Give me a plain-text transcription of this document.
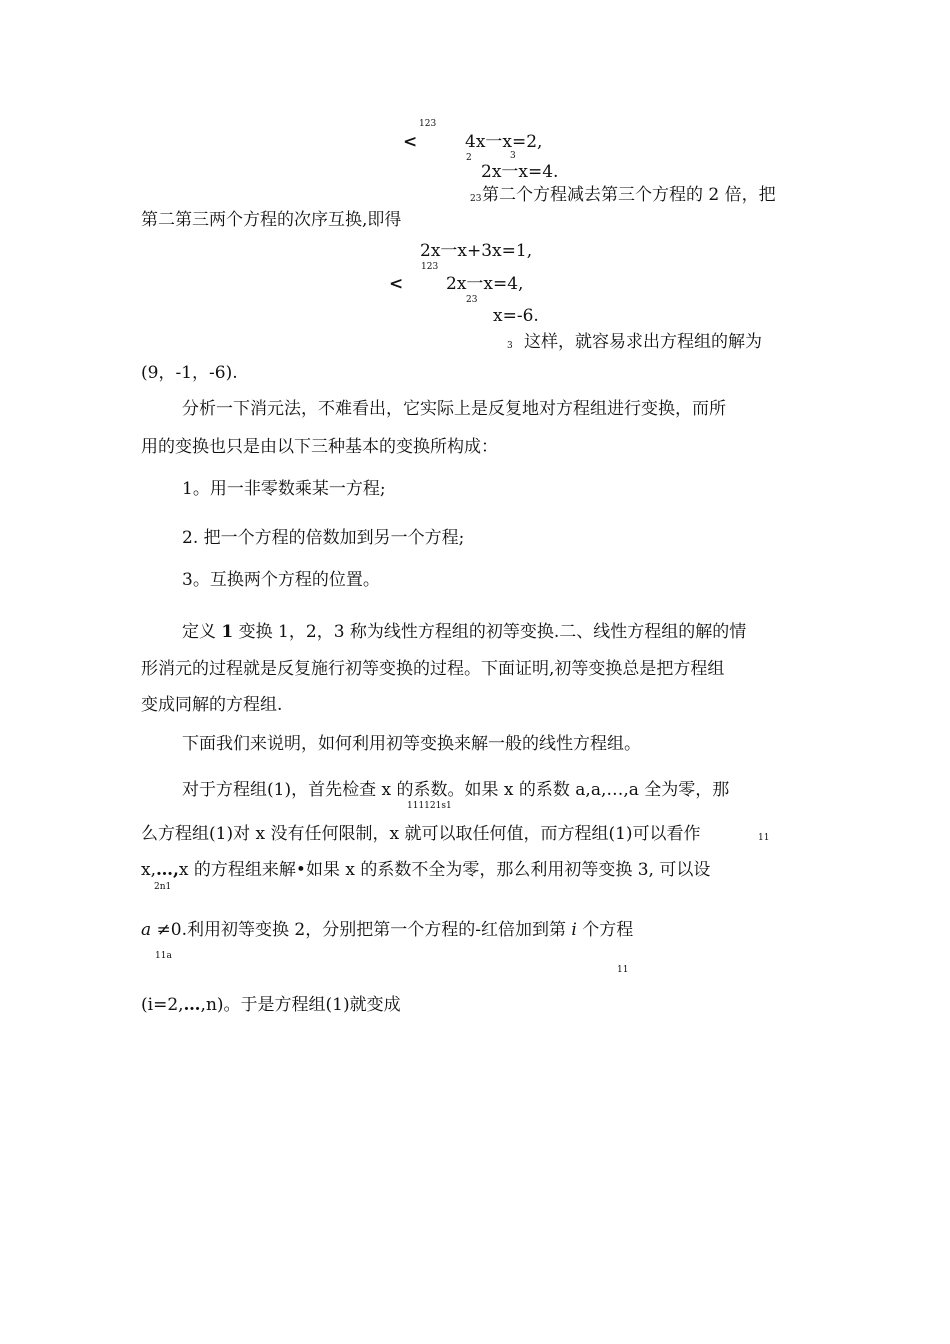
<
123
4x一x=2,
2	3
2x一x=4.
23 第二个方程减去第三个方程的 2 倍，把
第二第三两个方程的次序互换,即得
2x一x+3x=1,
123
<	2x一x=4,
23
x=-6.
3 这样，就容易求出方程组的解为
(9，-1，-6).
分析一下消元法，不难看出，它实际上是反复地对方程组进行变换，而所
用的变换也只是由以下三种基本的变换所构成：
1。用一非零数乘某一方程;
2. 把一个方程的倍数加到另一个方程;
3。互换两个方程的位置。
定义 1 变换 1，2，3 称为线性方程组的初等变换.二、线性方程组的解的情
形消元的过程就是反复施行初等变换的过程。下面证明,初等变换总是把方程组
变成同解的方程组.
下面我们来说明，如何利用初等变换来解一般的线性方程组。
对于方程组(1)，首先检查 x 的系数。如果 x 的系数 a,a,…,a 全为零，那
111121s1
么方程组(1)对 x 没有任何限制，x 就可以取任何值，而方程组(1)可以看作	11
x,…,x 的方程组来解•如果 x 的系数不全为零，那么利用初等变换 3, 可以设
2n1
a ≠0.利用初等变换 2，分别把第一个方程的-红倍加到第 i 个方程
11a
11
(i=2,…,n)。于是方程组(1)就变成
